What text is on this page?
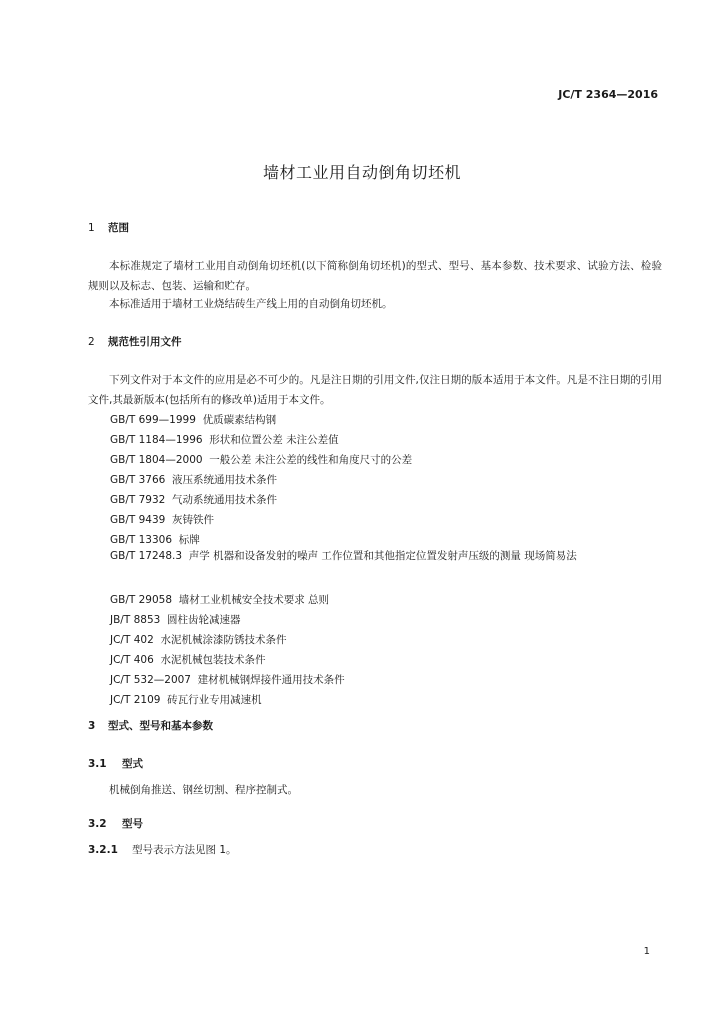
JC/T 2364—2016
墙材工业用自动倒角切坯机
1 范围
本标准规定了墙材工业用自动倒角切坯机(以下简称倒角切坯机)的型式、型号、基本参数、技术要求、试验方法、检验规则以及标志、包装、运输和贮存。
本标准适用于墙材工业烧结砖生产线上用的自动倒角切坯机。
2 规范性引用文件
下列文件对于本文件的应用是必不可少的。凡是注日期的引用文件,仅注日期的版本适用于本文件。凡是不注日期的引用文件,其最新版本(包括所有的修改单)适用于本文件。
GB/T 699—1999 优质碳素结构钢
GB/T 1184—1996 形状和位置公差 未注公差值
GB/T 1804—2000 一般公差 未注公差的线性和角度尺寸的公差
GB/T 3766 液压系统通用技术条件
GB/T 7932 气动系统通用技术条件
GB/T 9439 灰铸铁件
GB/T 13306 标牌
GB/T 17248.3 声学 机器和设备发射的噪声 工作位置和其他指定位置发射声压级的测量 现场简易法
GB/T 29058 墙材工业机械安全技术要求 总则
JB/T 8853 圆柱齿轮减速器
JC/T 402 水泥机械涂漆防锈技术条件
JC/T 406 水泥机械包装技术条件
JC/T 532—2007 建材机械钢焊接件通用技术条件
JC/T 2109 砖瓦行业专用减速机
3 型式、型号和基本参数
3.1 型式
机械倒角推送、钢丝切割、程序控制式。
3.2 型号
3.2.1 型号表示方法见图 1。
1
